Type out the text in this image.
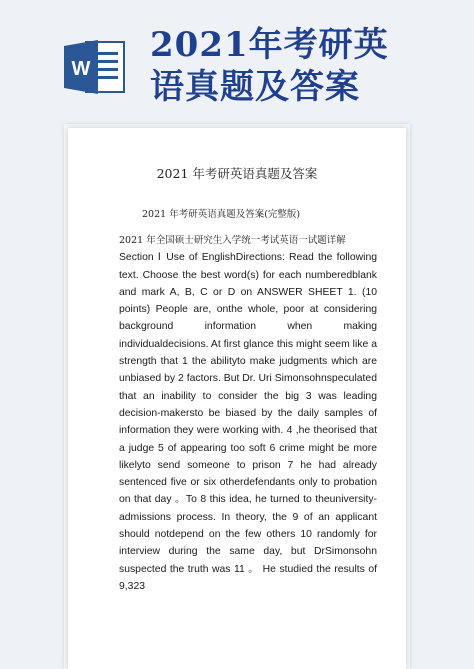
W
2021年考研英
语真题及答案
2021 年考研英语真题及答案
2021 年考研英语真题及答案(完整版)

2021 年全国硕士研究生入学统一考试英语一试题详解

Section Ⅰ Use of EnglishDirections: Read the following text. Choose the best word(s) for each numberedblank and mark A, B, C or D on ANSWER SHEET 1. (10 points) People are, onthe whole, poor at considering background information when making individualdecisions. At first glance this might seem like a strength that 1 the abilityto make judgments which are unbiased by 2 factors. But Dr. Uri Simonsohnspeculated that an inability to consider the big 3 was leading decision-makersto be biased by the daily samples of information they were working with. 4 ,he theorised that a judge 5 of appearing too soft 6 crime might be more likelyto send someone to prison 7 he had already sentenced five or six otherdefendants only to probation on that day 。To 8 this idea, he turned to theuniversity-admissions process. In theory, the 9 of an applicant should notdepend on the few others 10 randomly for interview during the same day, but DrSimonsohn suspected the truth was 11 。 He studied the results of 9,323
